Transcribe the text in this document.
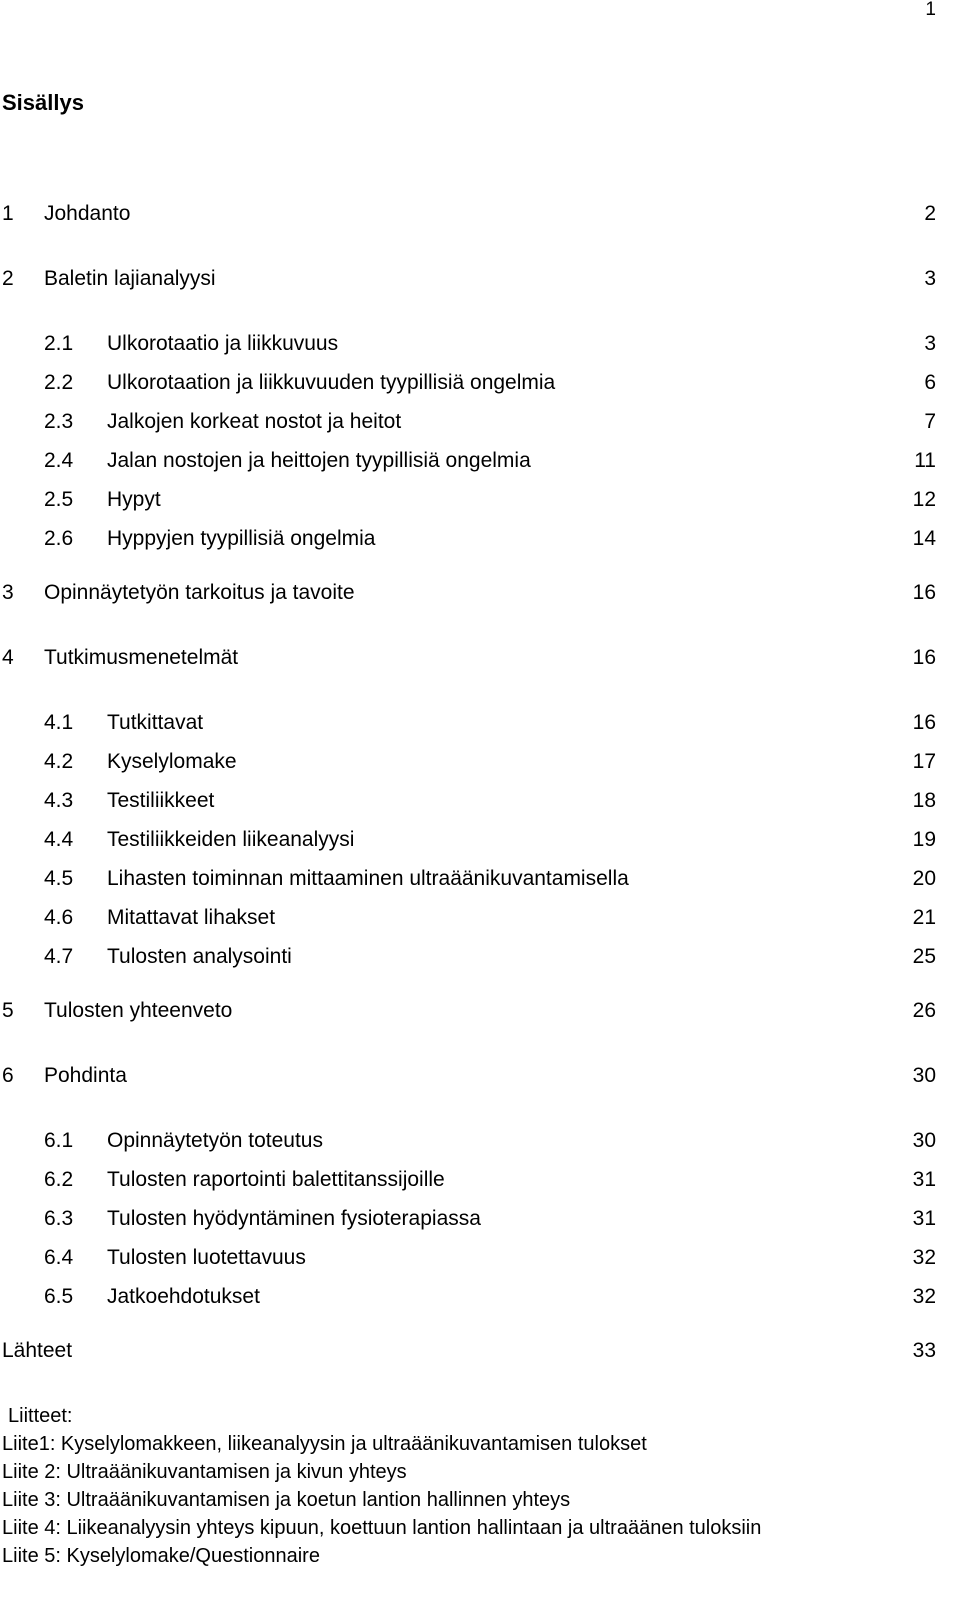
1
Sisällys
1 Johdanto	2
2 Baletin lajianalyysi	3
2.1 Ulkorotaatio ja liikkuvuus	3
2.2 Ulkorotaation ja liikkuvuuden tyypillisiä ongelmia	6
2.3 Jalkojen korkeat nostot ja heitot	7
2.4 Jalan nostojen ja heittojen tyypillisiä ongelmia	11
2.5 Hypyt	12
2.6 Hyppyjen tyypillisiä ongelmia	14
3 Opinnäytetyön tarkoitus ja tavoite	16
4 Tutkimusmenetelmät	16
4.1 Tutkittavat	16
4.2 Kyselylomake	17
4.3 Testiliikkeet	18
4.4 Testiliikkeiden liikeanalyysi	19
4.5 Lihasten toiminnan mittaaminen ultraäänikuvantamisella	20
4.6 Mitattavat lihakset	21
4.7 Tulosten analysointi	25
5 Tulosten yhteenveto	26
6 Pohdinta	30
6.1 Opinnäytetyön toteutus	30
6.2 Tulosten raportointi balettitanssijoille	31
6.3 Tulosten hyödyntäminen fysioterapiassa	31
6.4 Tulosten luotettavuus	32
6.5 Jatkoehdotukset	32
Lähteet	33
Liitteet:
Liite1: Kyselylomakkeen, liikeanalyysin ja ultraäänikuvantamisen tulokset
Liite 2: Ultraäänikuvantamisen ja kivun yhteys
Liite 3: Ultraäänikuvantamisen ja koetun lantion hallinnen yhteys
Liite 4: Liikeanalyysin yhteys kipuun, koettuun lantion hallintaan ja ultraäänen tuloksiin
Liite 5: Kyselylomake/Questionnaire
